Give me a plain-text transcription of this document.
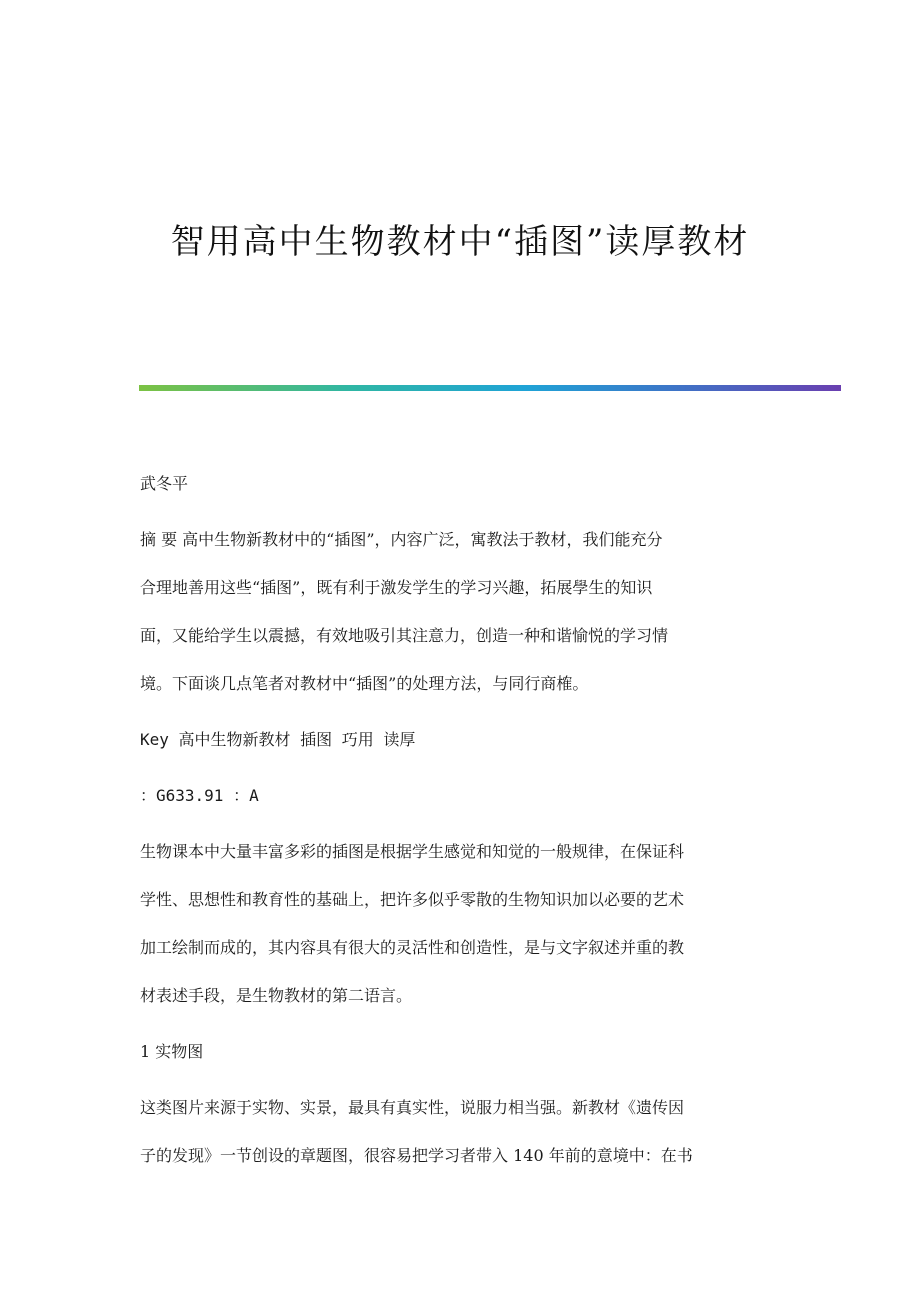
智用高中生物教材中“插图”读厚教材
武冬平
摘 要 高中生物新教材中的“插图”，内容广泛，寓教法于教材，我们能充分
合理地善用这些“插图”，既有利于激发学生的学习兴趣，拓展學生的知识
面，又能给学生以震撼，有效地吸引其注意力，创造一种和谐愉悦的学习情
境。下面谈几点笔者对教材中“插图”的处理方法，与同行商榷。
Key 高中生物新教材 插图 巧用 读厚
：G633.91 ：A
生物课本中大量丰富多彩的插图是根据学生感觉和知觉的一般规律，在保证科
学性、思想性和教育性的基础上，把许多似乎零散的生物知识加以必要的艺术
加工绘制而成的，其内容具有很大的灵活性和创造性，是与文字叙述并重的教
材表述手段，是生物教材的第二语言。
1 实物图
这类图片来源于实物、实景，最具有真实性，说服力相当强。新教材《遗传因
子的发现》一节创设的章题图，很容易把学习者带入 140 年前的意境中：在书
